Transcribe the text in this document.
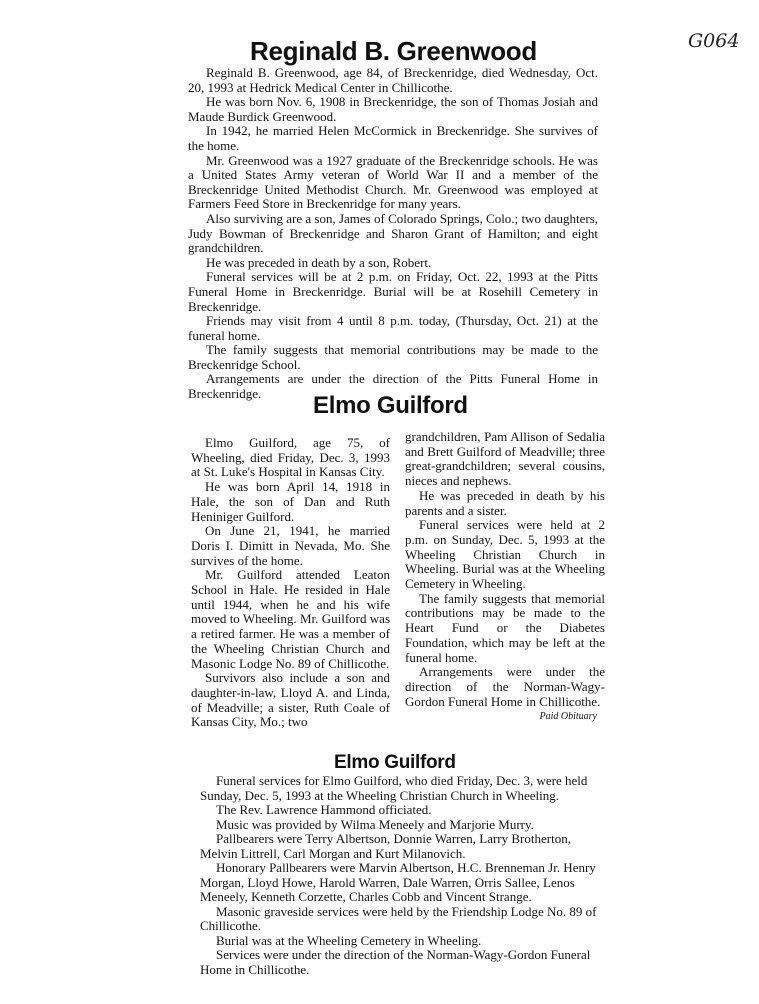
G064
Reginald B. Greenwood

Reginald B. Greenwood, age 84, of Breckenridge, died Wednesday, Oct. 20, 1993 at Hedrick Medical Center in Chillicothe.

He was born Nov. 6, 1908 in Breckenridge, the son of Thomas Josiah and Maude Burdick Greenwood.

In 1942, he married Helen McCormick in Breckenridge. She survives of the home.

Mr. Greenwood was a 1927 graduate of the Breckenridge schools. He was a United States Army veteran of World War II and a member of the Breckenridge United Methodist Church. Mr. Greenwood was employed at Farmers Feed Store in Breckenridge for many years.

Also surviving are a son, James of Colorado Springs, Colo.; two daughters, Judy Bowman of Breckenridge and Sharon Grant of Hamilton; and eight grandchildren.

He was preceded in death by a son, Robert.

Funeral services will be at 2 p.m. on Friday, Oct. 22, 1993 at the Pitts Funeral Home in Breckenridge. Burial will be at Rosehill Cemetery in Breckenridge.

Friends may visit from 4 until 8 p.m. today, (Thursday, Oct. 21) at the funeral home.

The family suggests that memorial contributions may be made to the Breckenridge School.

Arrangements are under the direction of the Pitts Funeral Home in Breckenridge.	Elmo Guilford

Elmo Guilford, age 75, of Wheeling, died Friday, Dec. 3, 1993 at St. Luke's Hospital in Kansas City.

He was born April 14, 1918 in Hale, the son of Dan and Ruth Heniniger Guilford.

On June 21, 1941, he married Doris I. Dimitt in Nevada, Mo. She survives of the home.

Mr. Guilford attended Leaton School in Hale. He resided in Hale until 1944, when he and his wife moved to Wheeling. Mr. Guilford was a retired farmer. He was a member of the Wheeling Christian Church and Masonic Lodge No. 89 of Chillicothe.

Survivors also include a son and daughter-in-law, Lloyd A. and Linda, of Meadville; a sister, Ruth Coale of Kansas City, Mo.; two

grandchildren, Pam Allison of Sedalia and Brett Guilford of Meadville; three great-grandchildren; several cousins, nieces and nephews.

He was preceded in death by his parents and a sister.

Funeral services were held at 2 p.m. on Sunday, Dec. 5, 1993 at the Wheeling Christian Church in Wheeling. Burial was at the Wheeling Cemetery in Wheeling.

The family suggests that memorial contributions may be made to the Heart Fund or the Diabetes Foundation, which may be left at the funeral home.

Arrangements were under the direction of the Norman-Wagy-Gordon Funeral Home in Chillicothe.

Paid Obituary
Elmo Guilford

Funeral services for Elmo Guilford, who died Friday, Dec. 3, were held Sunday, Dec. 5, 1993 at the Wheeling Christian Church in Wheeling.

The Rev. Lawrence Hammond officiated.

Music was provided by Wilma Meneely and Marjorie Murry.

Pallbearers were Terry Albertson, Donnie Warren, Larry Brotherton, Melvin Littrell, Carl Morgan and Kurt Milanovich.

Honorary Pallbearers were Marvin Albertson, H.C. Brenneman Jr. Henry Morgan, Lloyd Howe, Harold Warren, Dale Warren, Orris Sallee, Lenos Meneely, Kenneth Corzette, Charles Cobb and Vincent Strange.

Masonic graveside services were held by the Friendship Lodge No. 89 of Chillicothe.

Burial was at the Wheeling Cemetery in Wheeling.

Services were under the direction of the Norman-Wagy-Gordon Funeral Home in Chillicothe.
